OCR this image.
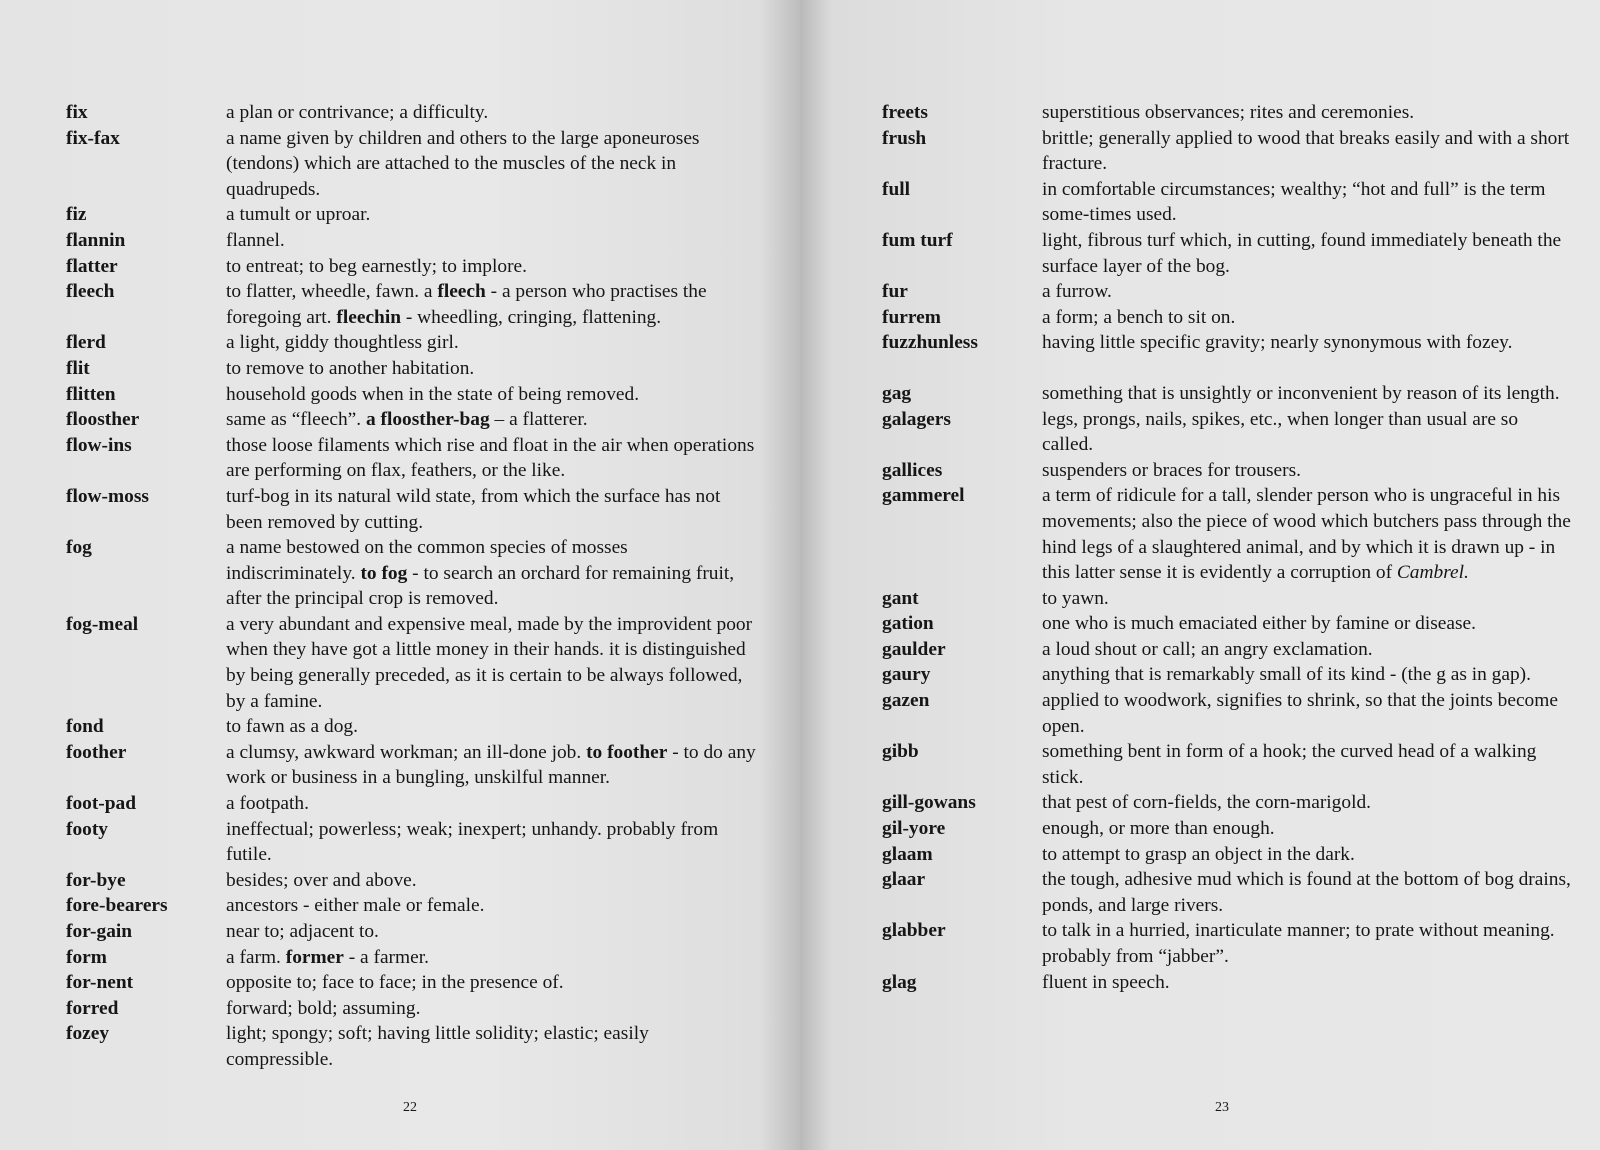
fix	a plan or contrivance; a difficulty.
fix-fax	a name given by children and others to the large aponeuroses (tendons) which are attached to the muscles of the neck in quadrupeds.
fiz	a tumult or uproar.
flannin	flannel.
flatter	to entreat; to beg earnestly; to implore.
fleech	to flatter, wheedle, fawn. a fleech - a person who practises the foregoing art. fleechin - wheedling, cringing, flattening.
flerd	a light, giddy thoughtless girl.
flit	to remove to another habitation.
flitten	household goods when in the state of being removed.
floosther	same as “fleech”. a floosther-bag – a flatterer.
flow-ins	those loose filaments which rise and float in the air when operations are performing on flax, feathers, or the like.
flow-moss	turf-bog in its natural wild state, from which the surface has not been removed by cutting.
fog	a name bestowed on the common species of mosses indiscriminately. to fog - to search an orchard for remaining fruit, after the principal crop is removed.
fog-meal	a very abundant and expensive meal, made by the improvident poor when they have got a little money in their hands. it is distinguished by being generally preceded, as it is certain to be always followed, by a famine.
fond	to fawn as a dog.
foother	a clumsy, awkward workman; an ill-done job. to foother - to do any work or business in a bungling, unskilful manner.
foot-pad	a footpath.
footy	ineffectual; powerless; weak; inexpert; unhandy. probably from futile.
for-bye	besides; over and above.
fore-bearers	ancestors - either male or female.
for-gain	near to; adjacent to.
form	a farm. former - a farmer.
for-nent	opposite to; face to face; in the presence of.
forred	forward; bold; assuming.
fozey	light; spongy; soft; having little solidity; elastic; easily compressible.
22
freets	superstitious observances; rites and ceremonies.
frush	brittle; generally applied to wood that breaks easily and with a short fracture.
full	in comfortable circumstances; wealthy; “hot and full” is the term some-times used.
fum turf	light, fibrous turf which, in cutting, found immediately beneath the surface layer of the bog.
fur	a furrow.
furrem	a form; a bench to sit on.
fuzzhunless	having little specific gravity; nearly synonymous with fozey.
gag	something that is unsightly or inconvenient by reason of its length.
galagers	legs, prongs, nails, spikes, etc., when longer than usual are so called.
gallices	suspenders or braces for trousers.
gammerel	a term of ridicule for a tall, slender person who is ungraceful in his movements; also the piece of wood which butchers pass through the hind legs of a slaughtered animal, and by which it is drawn up - in this latter sense it is evidently a corruption of Cambrel.
gant	to yawn.
gation	one who is much emaciated either by famine or disease.
gaulder	a loud shout or call; an angry exclamation.
gaury	anything that is remarkably small of its kind - (the g as in gap).
gazen	applied to woodwork, signifies to shrink, so that the joints become open.
gibb	something bent in form of a hook; the curved head of a walking stick.
gill-gowans	that pest of corn-fields, the corn-marigold.
gil-yore	enough, or more than enough.
glaam	to attempt to grasp an object in the dark.
glaar	the tough, adhesive mud which is found at the bottom of bog drains, ponds, and large rivers.
glabber	to talk in a hurried, inarticulate manner; to prate without meaning. probably from “jabber”.
glag	fluent in speech.
23
